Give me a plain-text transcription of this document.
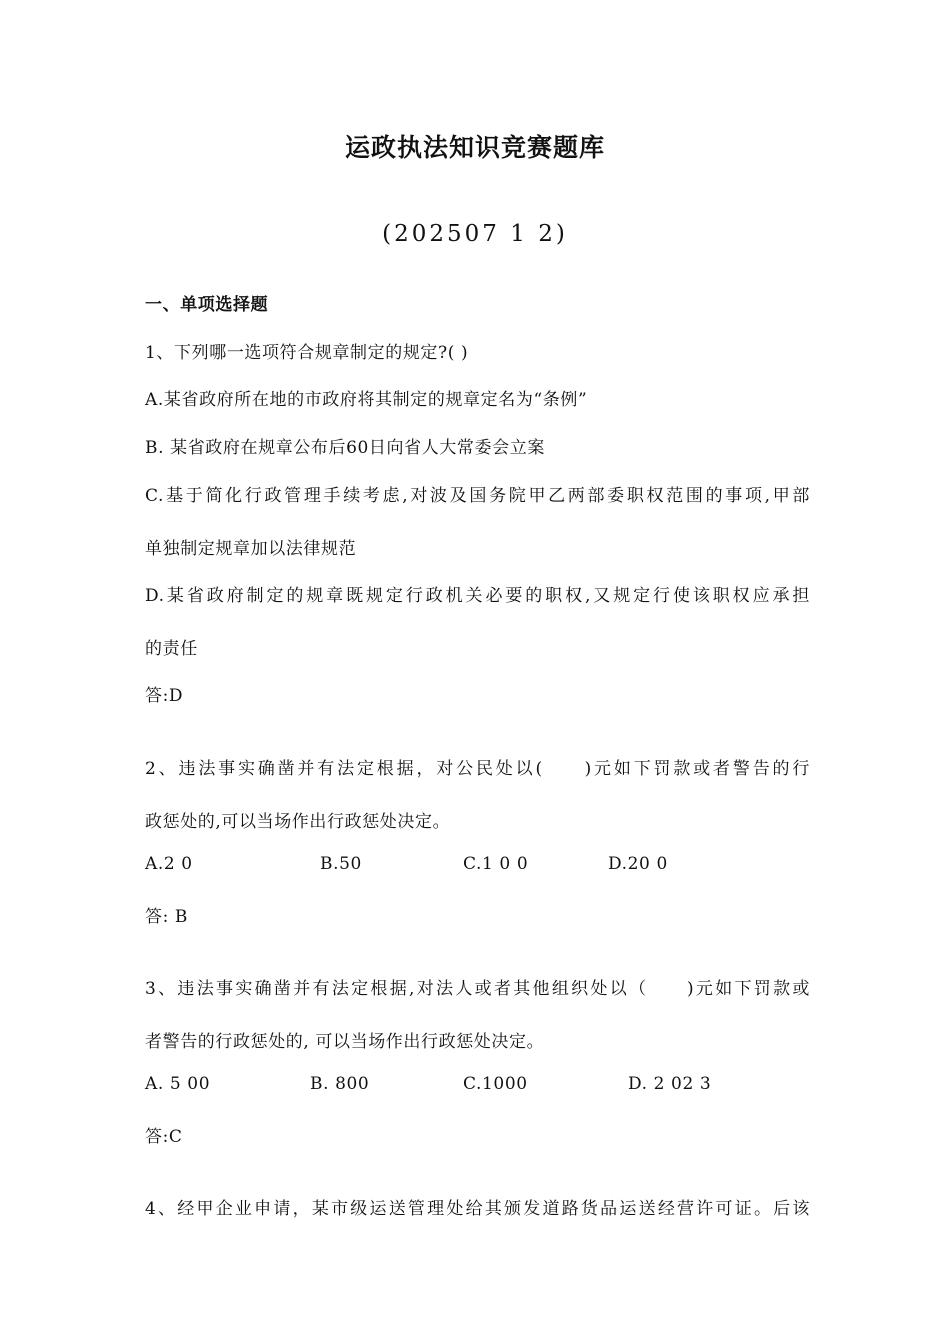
运政执法知识竞赛题库
(202507 1 2)
一、单项选择题
1、下列哪一选项符合规章制定的规定?( )
A.某省政府所在地的市政府将其制定的规章定名为“条例”
B. 某省政府在规章公布后60日向省人大常委会立案
C.基于简化行政管理手续考虑,对波及国务院甲乙两部委职权范围的事项,甲部
单独制定规章加以法律规范
D.某省政府制定的规章既规定行政机关必要的职权,又规定行使该职权应承担
的责任
答:D
2、违法事实确凿并有法定根据，对公民处以(　　)元如下罚款或者警告的行
政惩处的,可以当场作出行政惩处决定。
A.2 0	B.50	C.1 0 0	D.20 0
答: B
3、违法事实确凿并有法定根据,对法人或者其他组织处以（　　)元如下罚款或
者警告的行政惩处的, 可以当场作出行政惩处决定。
A. 5 00	B. 800	C.1000	D. 2 02 3
答:C
4、经甲企业申请，某市级运送管理处给其颁发道路货品运送经营许可证。后该
